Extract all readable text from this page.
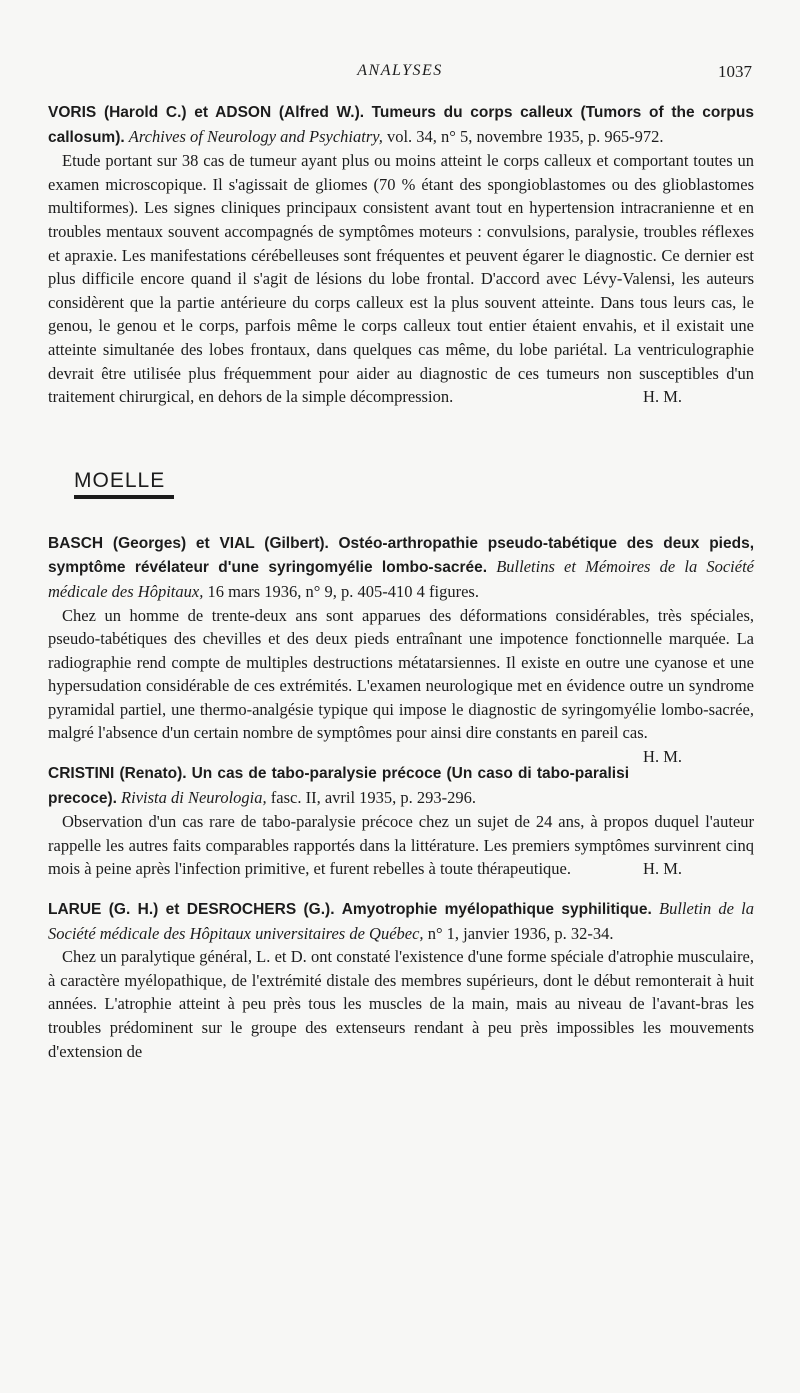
ANALYSES	1037

VORIS (Harold C.) et ADSON (Alfred W.). Tumeurs du corps calleux (Tumors of the corpus callosum). Archives of Neurology and Psychiatry, vol. 34, n° 5, novembre 1935, p. 965-972.

Etude portant sur 38 cas de tumeur ayant plus ou moins atteint le corps calleux et comportant toutes un examen microscopique. Il s'agissait de gliomes (70 % étant des spongioblastomes ou des glioblastomes multiformes). Les signes cliniques principaux consistent avant tout en hypertension intracranienne et en troubles mentaux souvent accompagnés de symptômes moteurs : convulsions, paralysie, troubles réflexes et apraxie. Les manifestations cérébelleuses sont fréquentes et peuvent égarer le diagnostic. Ce dernier est plus difficile encore quand il s'agit de lésions du lobe frontal. D'accord avec Lévy-Valensi, les auteurs considèrent que la partie antérieure du corps calleux est la plus souvent atteinte. Dans tous leurs cas, le genou, le genou et le corps, parfois même le corps calleux tout entier étaient envahis, et il existait une atteinte simultanée des lobes frontaux, dans quelques cas même, du lobe pariétal. La ventriculographie devrait être utilisée plus fréquemment pour aider au diagnostic de ces tumeurs non susceptibles d'un traitement chirurgical, en dehors de la simple décompression.	H. M.

MOELLE

BASCH (Georges) et VIAL (Gilbert). Ostéo-arthropathie pseudo-tabétique des deux pieds, symptôme révélateur d'une syringomyélie lombo-sacrée. Bulletins et Mémoires de la Société médicale des Hôpitaux, 16 mars 1936, n° 9, p. 405-410 4 figures.

Chez un homme de trente-deux ans sont apparues des déformations considérables, très spéciales, pseudo-tabétiques des chevilles et des deux pieds entraînant une impotence fonctionnelle marquée. La radiographie rend compte de multiples destructions métatarsiennes. Il existe en outre une cyanose et une hypersudation considérable de ces extrémités. L'examen neurologique met en évidence outre un syndrome pyramidal partiel, une thermo-analgésie typique qui impose le diagnostic de syringomyélie lombo-sacrée, malgré l'absence d'un certain nombre de symptômes pour ainsi dire constants en pareil cas.
H. M.

CRISTINI (Renato). Un cas de tabo-paralysie précoce (Un caso di tabo-paralisi precoce). Rivista di Neurologia, fasc. II, avril 1935, p. 293-296.

Observation d'un cas rare de tabo-paralysie précoce chez un sujet de 24 ans, à propos duquel l'auteur rappelle les autres faits comparables rapportés dans la littérature. Les premiers symptômes survinrent cinq mois à peine après l'infection primitive, et furent rebelles à toute thérapeutique.	H. M.

LARUE (G. H.) et DESROCHERS (G.). Amyotrophie myélopathique syphilitique. Bulletin de la Société médicale des Hôpitaux universitaires de Québec, n° 1, janvier 1936, p. 32-34.

Chez un paralytique général, L. et D. ont constaté l'existence d'une forme spéciale d'atrophie musculaire, à caractère myélopathique, de l'extrémité distale des membres supérieurs, dont le début remonterait à huit années. L'atrophie atteint à peu près tous les muscles de la main, mais au niveau de l'avant-bras les troubles prédominent sur le groupe des extenseurs rendant à peu près impossibles les mouvements d'extension de
